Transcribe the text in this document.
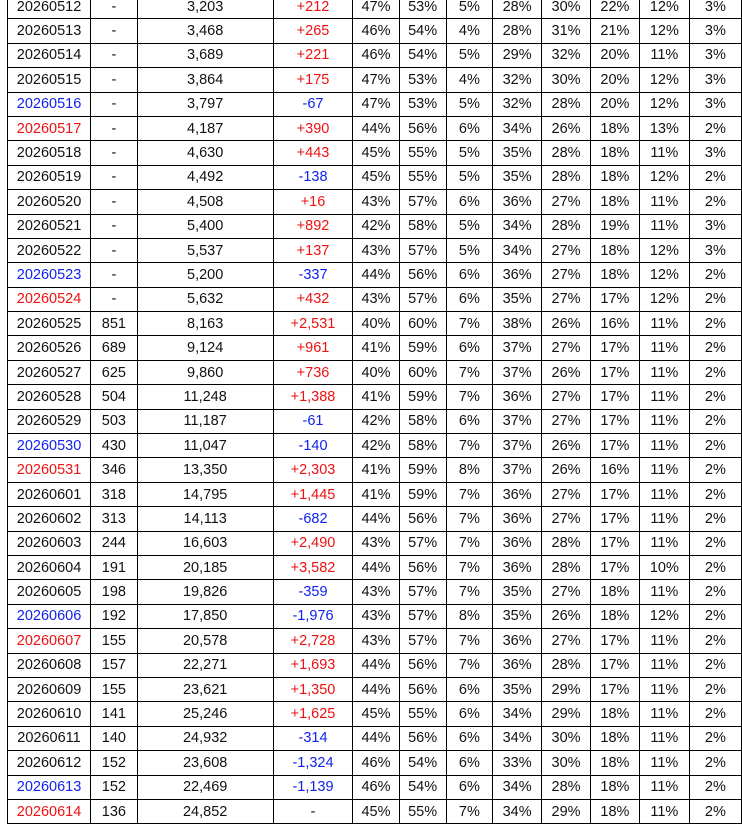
20260512	-	3,203	+212	47%	53%	5%	28%	30%	22%	12%	3%
20260513	-	3,468	+265	46%	54%	4%	28%	31%	21%	12%	3%
20260514	-	3,689	+221	46%	54%	5%	29%	32%	20%	11%	3%
20260515	-	3,864	+175	47%	53%	4%	32%	30%	20%	12%	3%
20260516	-	3,797	-67	47%	53%	5%	32%	28%	20%	12%	3%
20260517	-	4,187	+390	44%	56%	6%	34%	26%	18%	13%	2%
20260518	-	4,630	+443	45%	55%	5%	35%	28%	18%	11%	3%
20260519	-	4,492	-138	45%	55%	5%	35%	28%	18%	12%	2%
20260520	-	4,508	+16	43%	57%	6%	36%	27%	18%	11%	2%
20260521	-	5,400	+892	42%	58%	5%	34%	28%	19%	11%	3%
20260522	-	5,537	+137	43%	57%	5%	34%	27%	18%	12%	3%
20260523	-	5,200	-337	44%	56%	6%	36%	27%	18%	12%	2%
20260524	-	5,632	+432	43%	57%	6%	35%	27%	17%	12%	2%
20260525	851	8,163	+2,531	40%	60%	7%	38%	26%	16%	11%	2%
20260526	689	9,124	+961	41%	59%	6%	37%	27%	17%	11%	2%
20260527	625	9,860	+736	40%	60%	7%	37%	26%	17%	11%	2%
20260528	504	11,248	+1,388	41%	59%	7%	36%	27%	17%	11%	2%
20260529	503	11,187	-61	42%	58%	6%	37%	27%	17%	11%	2%
20260530	430	11,047	-140	42%	58%	7%	37%	26%	17%	11%	2%
20260531	346	13,350	+2,303	41%	59%	8%	37%	26%	16%	11%	2%
20260601	318	14,795	+1,445	41%	59%	7%	36%	27%	17%	11%	2%
20260602	313	14,113	-682	44%	56%	7%	36%	27%	17%	11%	2%
20260603	244	16,603	+2,490	43%	57%	7%	36%	28%	17%	11%	2%
20260604	191	20,185	+3,582	44%	56%	7%	36%	28%	17%	10%	2%
20260605	198	19,826	-359	43%	57%	7%	35%	27%	18%	11%	2%
20260606	192	17,850	-1,976	43%	57%	8%	35%	26%	18%	12%	2%
20260607	155	20,578	+2,728	43%	57%	7%	36%	27%	17%	11%	2%
20260608	157	22,271	+1,693	44%	56%	7%	36%	28%	17%	11%	2%
20260609	155	23,621	+1,350	44%	56%	6%	35%	29%	17%	11%	2%
20260610	141	25,246	+1,625	45%	55%	6%	34%	29%	18%	11%	2%
20260611	140	24,932	-314	44%	56%	6%	34%	30%	18%	11%	2%
20260612	152	23,608	-1,324	46%	54%	6%	33%	30%	18%	11%	2%
20260613	152	22,469	-1,139	46%	54%	6%	34%	28%	18%	11%	2%
20260614	136	24,852	-	45%	55%	7%	34%	29%	18%	11%	2%
